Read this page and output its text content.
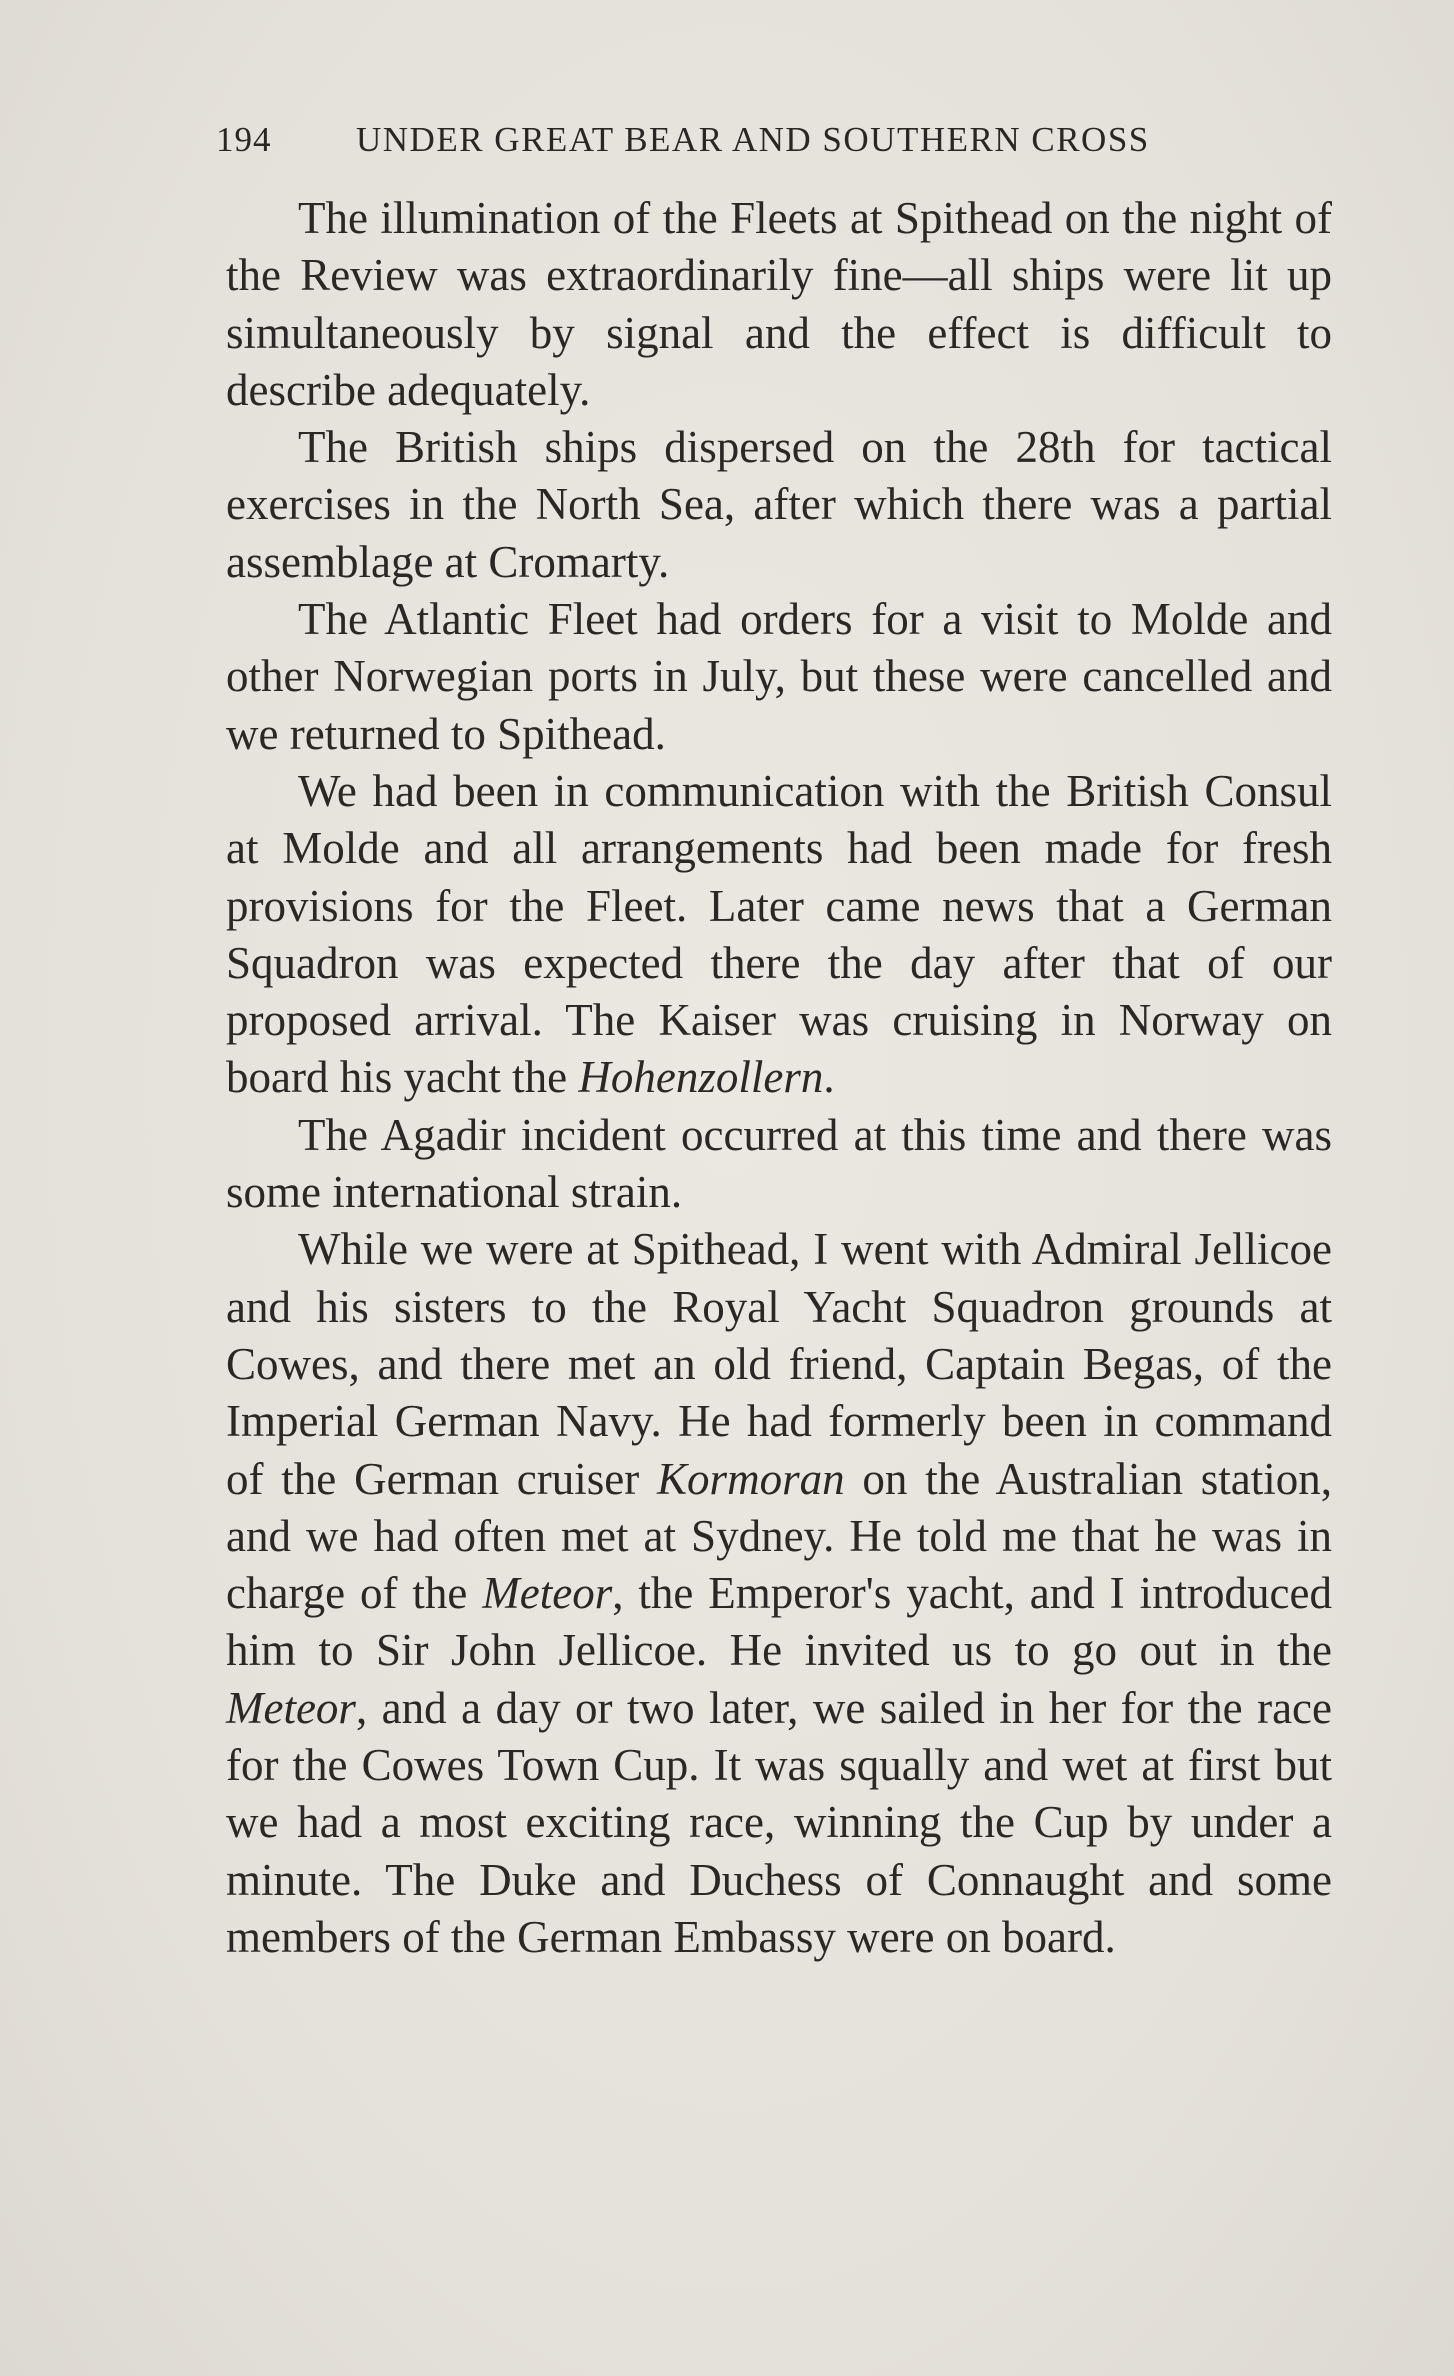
194 UNDER GREAT BEAR AND SOUTHERN CROSS

The illumination of the Fleets at Spithead on the night of the Review was extraordinarily fine—all ships were lit up simultaneously by signal and the effect is difficult to describe adequately.

The British ships dispersed on the 28th for tactical exercises in the North Sea, after which there was a partial assemblage at Cromarty.

The Atlantic Fleet had orders for a visit to Molde and other Norwegian ports in July, but these were cancelled and we returned to Spithead.

We had been in communication with the British Consul at Molde and all arrangements had been made for fresh provisions for the Fleet. Later came news that a German Squadron was expected there the day after that of our proposed arrival. The Kaiser was cruising in Norway on board his yacht the Hohenzollern.

The Agadir incident occurred at this time and there was some international strain.

While we were at Spithead, I went with Admiral Jellicoe and his sisters to the Royal Yacht Squadron grounds at Cowes, and there met an old friend, Captain Begas, of the Imperial German Navy. He had formerly been in command of the German cruiser Kormoran on the Australian station, and we had often met at Sydney. He told me that he was in charge of the Meteor, the Emperor's yacht, and I introduced him to Sir John Jellicoe. He invited us to go out in the Meteor, and a day or two later, we sailed in her for the race for the Cowes Town Cup. It was squally and wet at first but we had a most exciting race, winning the Cup by under a minute. The Duke and Duchess of Connaught and some members of the German Embassy were on board.
